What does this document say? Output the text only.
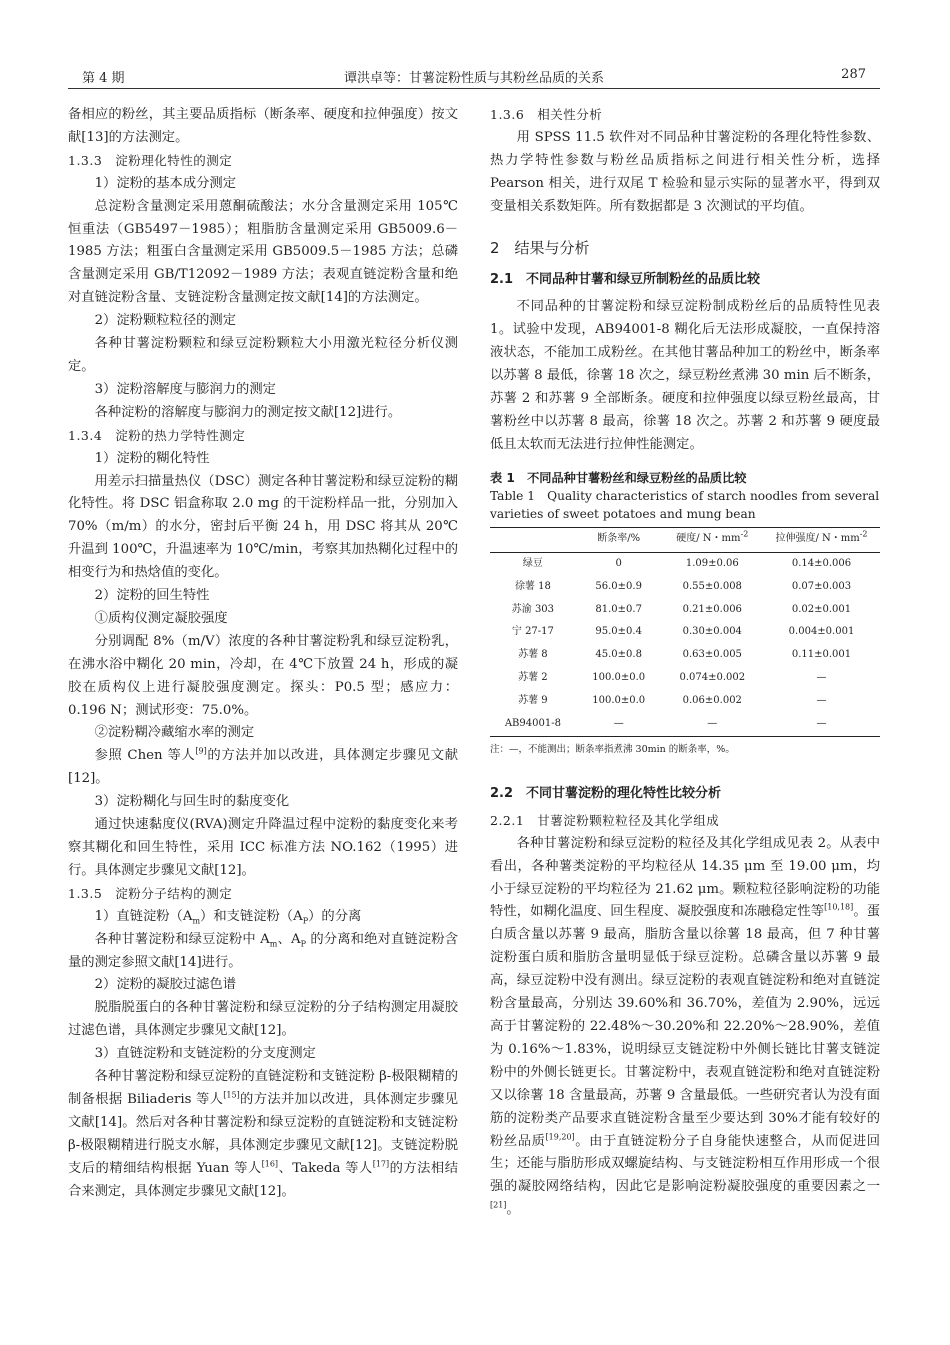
第 4 期	谭洪卓等：甘薯淀粉性质与其粉丝品质的关系	287

备相应的粉丝，其主要品质指标（断条率、硬度和拉伸强度）按文献[13]的方法测定。

1.3.3　淀粉理化特性的测定

1）淀粉的基本成分测定

总淀粉含量测定采用蒽酮硫酸法；水分含量测定采用 105℃恒重法（GB5497－1985）；粗脂肪含量测定采用 GB5009.6－1985 方法；粗蛋白含量测定采用 GB5009.5－1985 方法；总磷含量测定采用 GB/T12092－1989 方法；表观直链淀粉含量和绝对直链淀粉含量、支链淀粉含量测定按文献[14]的方法测定。

2）淀粉颗粒粒径的测定

各种甘薯淀粉颗粒和绿豆淀粉颗粒大小用激光粒径分析仪测定。

3）淀粉溶解度与膨润力的测定

各种淀粉的溶解度与膨润力的测定按文献[12]进行。

1.3.4　淀粉的热力学特性测定

1）淀粉的糊化特性

用差示扫描量热仪（DSC）测定各种甘薯淀粉和绿豆淀粉的糊化特性。将 DSC 铝盒称取 2.0 mg 的干淀粉样品一批，分别加入 70%（m/m）的水分，密封后平衡 24 h，用 DSC 将其从 20℃升温到 100℃，升温速率为 10℃/min，考察其加热糊化过程中的相变行为和热焓值的变化。

2）淀粉的回生特性

①质构仪测定凝胶强度

分别调配 8%（m/V）浓度的各种甘薯淀粉乳和绿豆淀粉乳，在沸水浴中糊化 20 min，冷却，在 4℃下放置 24 h，形成的凝胶在质构仪上进行凝胶强度测定。探头：P0.5 型；感应力：0.196 N；测试形变：75.0%。

②淀粉糊冷藏缩水率的测定

参照 Chen 等人[9]的方法并加以改进，具体测定步骤见文献[12]。

3）淀粉糊化与回生时的黏度变化

通过快速黏度仪(RVA)测定升降温过程中淀粉的黏度变化来考察其糊化和回生特性，采用 ICC 标准方法 NO.162（1995）进行。具体测定步骤见文献[12]。

1.3.5　淀粉分子结构的测定

1）直链淀粉$(A_m)$和支链淀粉$(A_P)$的分离

各种甘薯淀粉和绿豆淀粉中 $A_m$、$A_P$ 的分离和绝对直链淀粉含量的测定参照文献[14]进行。

2）淀粉的凝胶过滤色谱

脱脂脱蛋白的各种甘薯淀粉和绿豆淀粉的分子结构测定用凝胶过滤色谱，具体测定步骤见文献[12]。

3）直链淀粉和支链淀粉的分支度测定

各种甘薯淀粉和绿豆淀粉的直链淀粉和支链淀粉 β-极限糊精的制备根据 Biliaderis 等人[15]的方法并加以改进，具体测定步骤见文献[14]。然后对各种甘薯淀粉和绿豆淀粉的直链淀粉和支链淀粉 β-极限糊精进行脱支水解，具体测定步骤见文献[12]。支链淀粉脱支后的精细结构根据 Yuan 等人[16]、Takeda 等人[17]的方法相结合来测定，具体测定步骤见文献[12]。

1.3.6　相关性分析

用 SPSS 11.5 软件对不同品种甘薯淀粉的各理化特性参数、热力学特性参数与粉丝品质指标之间进行相关性分析，选择 Pearson 相关，进行双尾 T 检验和显示实际的显著水平，得到双变量相关系数矩阵。所有数据都是 3 次测试的平均值。

2　结果与分析

2.1　不同品种甘薯和绿豆所制粉丝的品质比较

不同品种的甘薯淀粉和绿豆淀粉制成粉丝后的品质特性见表 1。试验中发现，AB94001-8 糊化后无法形成凝胶，一直保持溶液状态，不能加工成粉丝。在其他甘薯品种加工的粉丝中，断条率以苏薯 8 最低，徐薯 18 次之，绿豆粉丝煮沸 30 min 后不断条，苏薯 2 和苏薯 9 全部断条。硬度和拉伸强度以绿豆粉丝最高，甘薯粉丝中以苏薯 8 最高，徐薯 18 次之。苏薯 2 和苏薯 9 硬度最低且太软而无法进行拉伸性能测定。

表 1　不同品种甘薯粉丝和绿豆粉丝的品质比较
Table 1　Quality characteristics of starch noodles from several
varieties of sweet potatoes and mung bean

	断条率/%	硬度/ N・$mm^{-2}$	拉伸强度/ N・$mm^{-2}$
绿豆	0	1.09±0.06	0.14±0.006
徐薯 18	56.0±0.9	0.55±0.008	0.07±0.003
苏渝 303	81.0±0.7	0.21±0.006	0.02±0.001
宁 27-17	95.0±0.4	0.30±0.004	0.004±0.001
苏薯 8	45.0±0.8	0.63±0.005	0.11±0.001
苏薯 2	100.0±0.0	0.074±0.002	—
苏薯 9	100.0±0.0	0.06±0.002	—
AB94001-8	—	—	—

注：—，不能测出；断条率指煮沸 30min 的断条率，%。

2.2　不同甘薯淀粉的理化特性比较分析

2.2.1　甘薯淀粉颗粒粒径及其化学组成

各种甘薯淀粉和绿豆淀粉的粒径及其化学组成见表 2。从表中看出，各种薯类淀粉的平均粒径从 14.35 μm 至 19.00 μm，均小于绿豆淀粉的平均粒径为 21.62 μm。颗粒粒径影响淀粉的功能特性，如糊化温度、回生程度、凝胶强度和冻融稳定性等[10,18]。蛋白质含量以苏薯 9 最高，脂肪含量以徐薯 18 最高，但 7 种甘薯淀粉蛋白质和脂肪含量明显低于绿豆淀粉。总磷含量以苏薯 9 最高，绿豆淀粉中没有测出。绿豆淀粉的表观直链淀粉和绝对直链淀粉含量最高，分别达 39.60%和 36.70%，差值为 2.90%，远远高于甘薯淀粉的 22.48%～30.20%和 22.20%～28.90%，差值为 0.16%～1.83%，说明绿豆支链淀粉中外侧长链比甘薯支链淀粉中的外侧长链更长。甘薯淀粉中，表观直链淀粉和绝对直链淀粉又以徐薯 18 含量最高，苏薯 9 含量最低。一些研究者认为没有面筋的淀粉类产品要求直链淀粉含量至少要达到 30%才能有较好的粉丝品质[19,20]。由于直链淀粉分子自身能快速整合，从而促进回生；还能与脂肪形成双螺旋结构、与支链淀粉相互作用形成一个很强的凝胶网络结构，因此它是影响淀粉凝胶强度的重要因素之一[21]。
